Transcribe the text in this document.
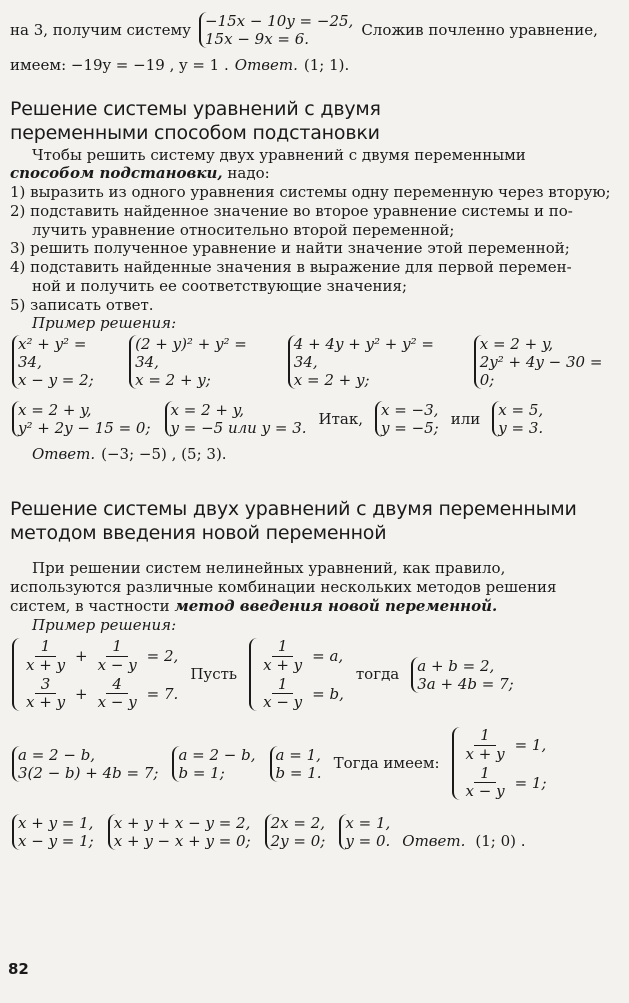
на 3, получим систему −15x − 10y = −25,
15x − 9x = 6.
Сложив почленно уравнение,
имеем: −19y = −19 , y = 1 . Ответ. (1; 1).
Решение системы уравнений с двумя
переменными способом подстановки

Чтобы решить систему двух уравнений с двумя переменными

способом подстановки, надо:

1) выразить из одного уравнения системы одну переменную через вторую;

2) подставить найденное значение во второе уравнение системы и по-

лучить уравнение относительно второй переменной;

3) решить полученное уравнение и найти значение этой переменной;

4) подставить найденные значения в выражение для первой перемен-

ной и получить ее соответствующие значения;

5) записать ответ.

Пример решения:

x² + y² = 34,
x − y = 2;
(2 + y)² + y² = 34,
x = 2 + y;
4 + 4y + y² + y² = 34,
x = 2 + y;
x = 2 + y,
2y² + 4y − 30 = 0;
x = 2 + y,
y² + 2y − 15 = 0;
x = 2 + y,
y = −5 или y = 3.
Итак, x = −3,
y = −5;
или x = 5,
y = 3.
Ответ. (−3; −5) , (5; 3).
Решение системы двух уравнений с двумя переменными
методом введения новой переменной

При решении систем нелинейных уравнений, как правило,

используются различные комбинации нескольких методов решения

систем, в частности метод введения новой переменной.

Пример решения:

$\frac{1}{x + y} + \frac{1}{x - y} = 2$,
$\frac{3}{x + y} + \frac{4}{x - y} = 7$.
Пусть
$\frac{1}{x + y} = a$,
$\frac{1}{x - y} = b$,
тогда a + b = 2,
3a + 4b = 7;
a = 2 − b,
3(2 − b) + 4b = 7;
a = 2 − b,
b = 1;
a = 1,
b = 1.
Тогда имеем:
$\frac{1}{x + y} = 1$,
$\frac{1}{x - y} = 1$;
x + y = 1,
x − y = 1;
x + y + x − y = 2,
x + y − x + y = 0;
2x = 2,
2y = 0;
x = 1,
y = 0. Ответ. (1; 0) .
82
